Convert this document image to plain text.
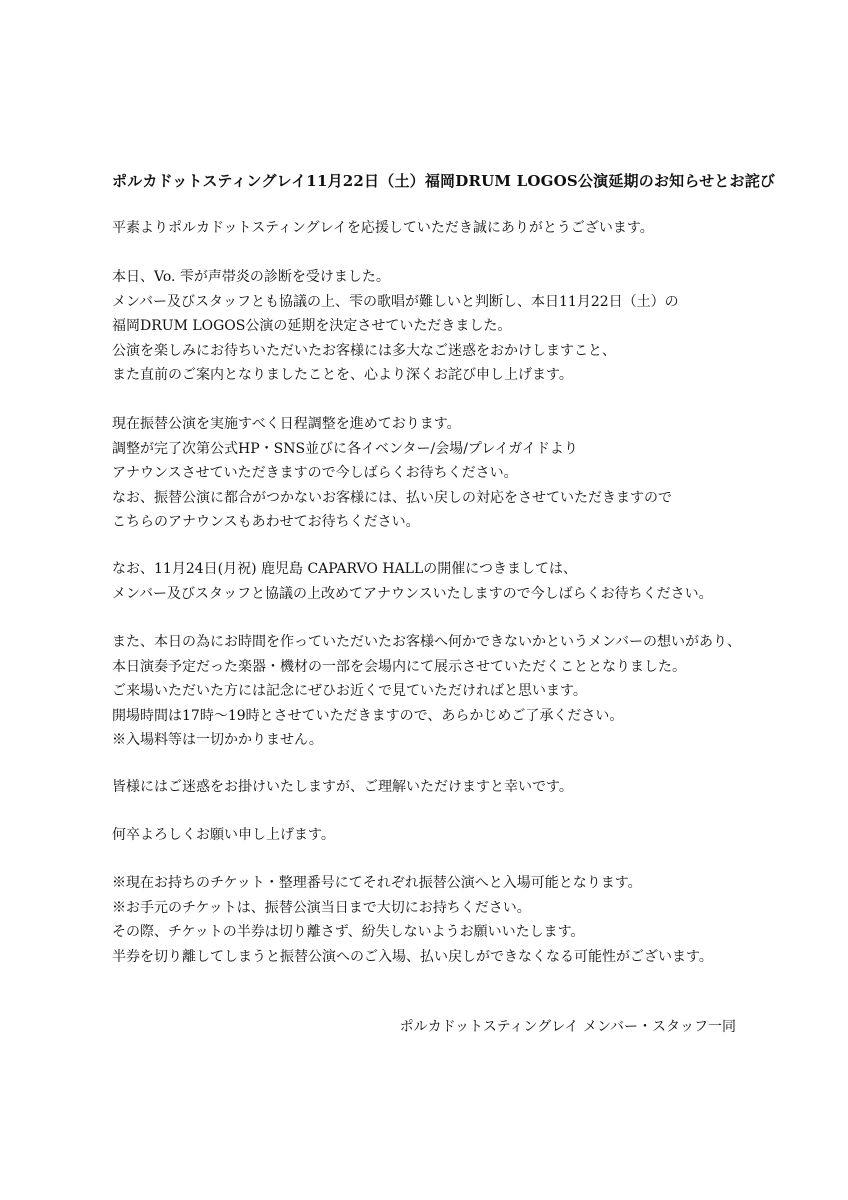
ポルカドットスティングレイ11月22日（土）福岡DRUM LOGOS公演延期のお知らせとお詫び
平素よりポルカドットスティングレイを応援していただき誠にありがとうございます。
本日、Vo. 雫が声帯炎の診断を受けました。
メンバー及びスタッフとも協議の上、雫の歌唱が難しいと判断し、本日11月22日（土）の
福岡DRUM LOGOS公演の延期を決定させていただきました。
公演を楽しみにお待ちいただいたお客様には多大なご迷惑をおかけしますこと、
また直前のご案内となりましたことを、心より深くお詫び申し上げます。
現在振替公演を実施すべく日程調整を進めております。
調整が完了次第公式HP・SNS並びに各イベンター/会場/プレイガイドより
アナウンスさせていただきますので今しばらくお待ちください。
なお、振替公演に都合がつかないお客様には、払い戻しの対応をさせていただきますので
こちらのアナウンスもあわせてお待ちください。
なお、11月24日(月祝) 鹿児島 CAPARVO HALLの開催につきましては、
メンバー及びスタッフと協議の上改めてアナウンスいたしますので今しばらくお待ちください。
また、本日の為にお時間を作っていただいたお客様へ何かできないかというメンバーの想いがあり、
本日演奏予定だった楽器・機材の一部を会場内にて展示させていただくこととなりました。
ご来場いただいた方には記念にぜひお近くで見ていただければと思います。
開場時間は17時〜19時とさせていただきますので、あらかじめご了承ください。
※入場料等は一切かかりません。
皆様にはご迷惑をお掛けいたしますが、ご理解いただけますと幸いです。
何卒よろしくお願い申し上げます。
※現在お持ちのチケット・整理番号にてそれぞれ振替公演へと入場可能となります。
※お手元のチケットは、振替公演当日まで大切にお持ちください。
その際、チケットの半券は切り離さず、紛失しないようお願いいたします。
半券を切り離してしまうと振替公演へのご入場、払い戻しができなくなる可能性がございます。
ポルカドットスティングレイ メンバー・スタッフ一同
